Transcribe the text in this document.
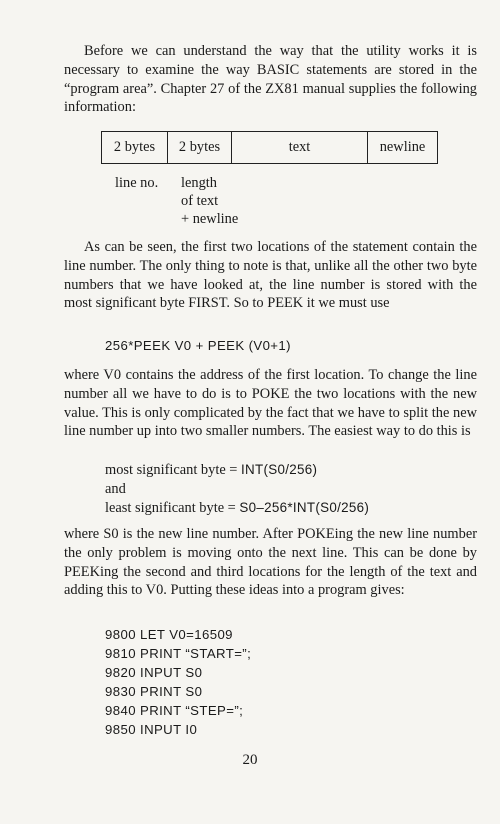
Before we can understand the way that the utility works it is necessary to examine the way BASIC statements are stored in the “program area”. Chapter 27 of the ZX81 manual supplies the following information:

2 bytes	2 bytes	text	newline
line no. length
of text
+ newline

As can be seen, the first two locations of the statement contain the line number. The only thing to note is that, unlike all the other two byte numbers that we have looked at, the line number is stored with the most significant byte FIRST. So to PEEK it we must use

256*PEEK V0 + PEEK (V0+1)

where V0 contains the address of the first location. To change the line number all we have to do is to POKE the two locations with the new value. This is only complicated by the fact that we have to split the new line number up into two smaller numbers. The easiest way to do this is

most significant byte = INT(S0/256)
and
least significant byte = S0–256*INT(S0/256)

where S0 is the new line number. After POKEing the new line number the only problem is moving onto the next line. This can be done by PEEKing the second and third locations for the length of the text and adding this to V0. Putting these ideas into a program gives:

9800 LET V0=16509
9810 PRINT “START=”;
9820 INPUT S0
9830 PRINT S0
9840 PRINT “STEP=”;
9850 INPUT I0
20
